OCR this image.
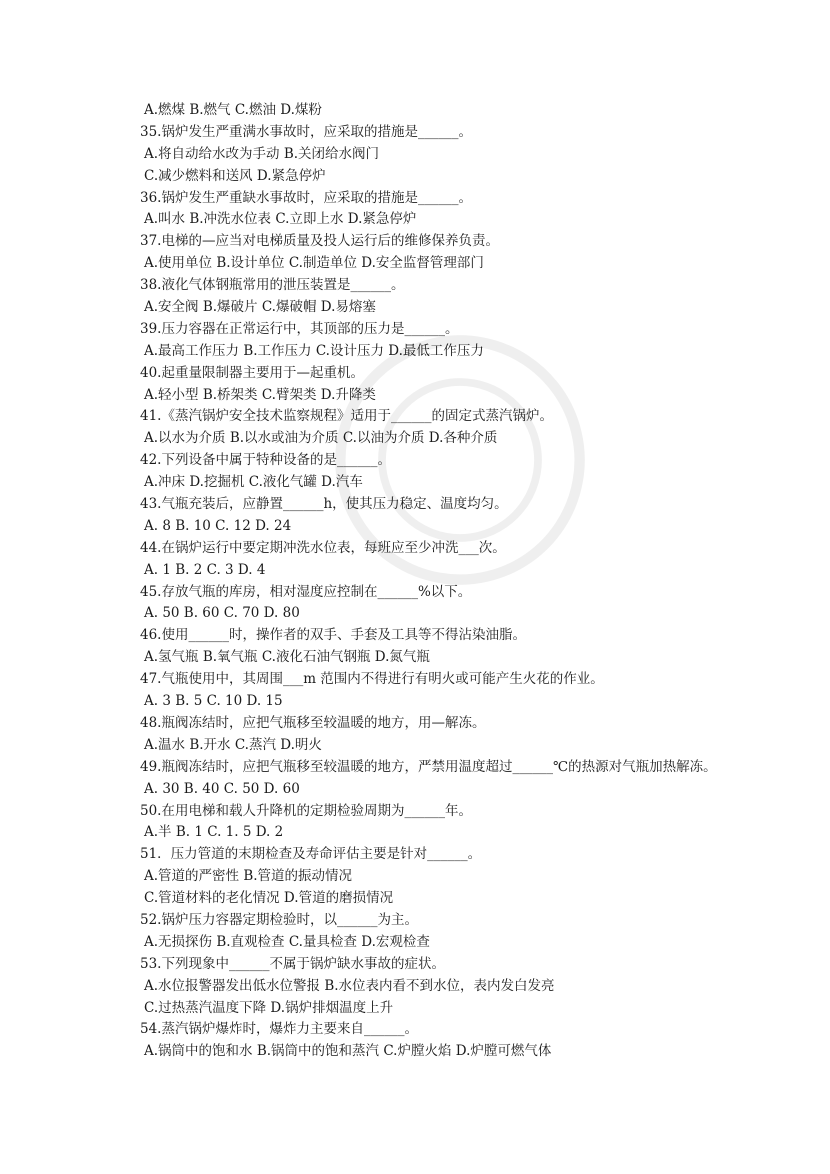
A.燃煤 B.燃气 C.燃油 D.煤粉
35.锅炉发生严重满水事故时，应采取的措施是______。
A.将自动给水改为手动 B.关闭给水阀门
C.减少燃料和送风 D.紧急停炉
36.锅炉发生严重缺水事故时，应采取的措施是______。
A.叫水 B.冲洗水位表 C.立即上水 D.紧急停炉
37.电梯的—应当对电梯质量及投人运行后的维修保养负责。
A.使用单位 B.设计单位 C.制造单位 D.安全监督管理部门
38.液化气体钢瓶常用的泄压装置是______。
A.安全阀 B.爆破片 C.爆破帽 D.易熔塞
39.压力容器在正常运行中，其顶部的压力是______。
A.最高工作压力 B.工作压力 C.设计压力 D.最低工作压力
40.起重量限制器主要用于—起重机。
A.轻小型 B.桥架类 C.臂架类 D.升降类
41.《蒸汽锅炉安全技术监察规程》适用于______的固定式蒸汽锅炉。
A.以水为介质 B.以水或油为介质 C.以油为介质 D.各种介质
42.下列设备中属于特种设备的是______。
A.冲床 D.挖掘机 C.液化气罐 D.汽车
43.气瓶充装后，应静置______h，使其压力稳定、温度均匀。
A. 8 B. 10 C. 12 D. 24
44.在锅炉运行中要定期冲洗水位表，每班应至少冲洗___次。
A. 1 B. 2 C. 3 D. 4
45.存放气瓶的库房，相对湿度应控制在______%以下。
A. 50 B. 60 C. 70 D. 80
46.使用______时，操作者的双手、手套及工具等不得沾染油脂。
A.氢气瓶 B.氧气瓶 C.液化石油气钢瓶 D.氮气瓶
47.气瓶使用中，其周围___m 范围内不得进行有明火或可能产生火花的作业。
A. 3 B. 5 C. 10 D. 15
48.瓶阀冻结时，应把气瓶移至较温暖的地方，用—解冻。
A.温水 B.开水 C.蒸汽 D.明火
49.瓶阀冻结时，应把气瓶移至较温暖的地方，严禁用温度超过______℃的热源对气瓶加热解冻。
A. 30 B. 40 C. 50 D. 60
50.在用电梯和载人升降机的定期检验周期为______年。
A.半 B. 1 C. 1. 5 D. 2
51．压力管道的末期检查及寿命评估主要是针对______。
A.管道的严密性 B.管道的振动情况
C.管道材料的老化情况 D.管道的磨损情况
52.锅炉压力容器定期检验时，以______为主。
A.无损探伤 B.直观检查 C.量具检查 D.宏观检查
53.下列现象中______不属于锅炉缺水事故的症状。
A.水位报警器发出低水位警报 B.水位表内看不到水位，表内发白发亮
C.过热蒸汽温度下降 D.锅炉排烟温度上升
54.蒸汽锅炉爆炸时，爆炸力主要来自______。
A.锅筒中的饱和水 B.锅筒中的饱和蒸汽 C.炉膛火焰 D.炉膛可燃气体
